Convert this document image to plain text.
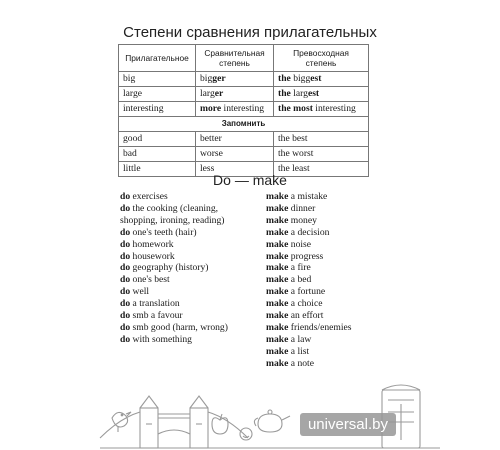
Степени сравнения прилагательных
Прилагательное	Сравнительная степень	Превосходная степень
big	bigger	the biggest
large	larger	the largest
interesting	more interesting	the most interesting
Запомнить		
good	better	the best
bad	worse	the worst
little	less	the least
Do — make
do exercises
do the cooking (cleaning,
shopping, ironing, reading)
do one's teeth (hair)
do homework
do housework
do geography (history)
do one's best
do well
do a translation
do smb a favour
do smb good (harm, wrong)
do with something
make a mistake
make dinner
make money
make a decision
make noise
make progress
make a fire
make a bed
make a fortune
make a choice
make an effort
make friends/enemies
make a law
make a list
make a note
universal.by
